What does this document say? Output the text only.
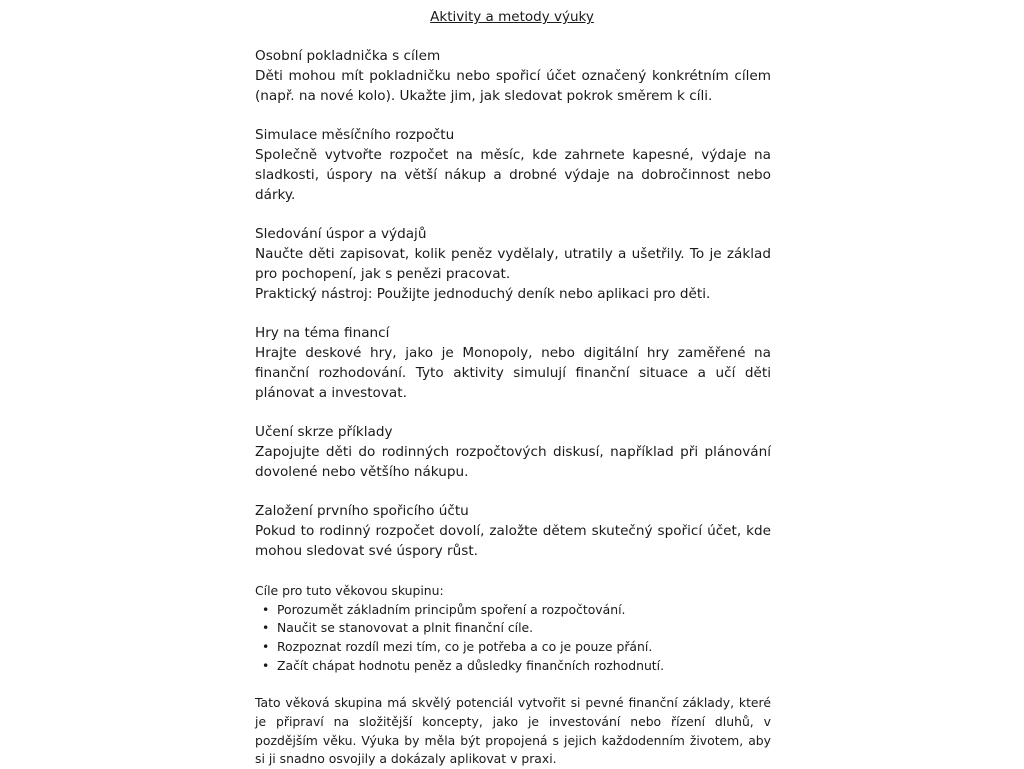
Aktivity a metody výuky
Osobní pokladnička s cílem
Děti mohou mít pokladničku nebo spořicí účet označený konkrétním cílem
(např. na nové kolo). Ukažte jim, jak sledovat pokrok směrem k cíli.
Simulace měsíčního rozpočtu
Společně vytvořte rozpočet na měsíc, kde zahrnete kapesné, výdaje na
sladkosti, úspory na větší nákup a drobné výdaje na dobročinnost nebo
dárky.
Sledování úspor a výdajů
Naučte děti zapisovat, kolik peněz vydělaly, utratily a ušetřily. To je základ
pro pochopení, jak s penězi pracovat.
Praktický nástroj: Použijte jednoduchý deník nebo aplikaci pro děti.
Hry na téma financí
Hrajte deskové hry, jako je Monopoly, nebo digitální hry zaměřené na
finanční rozhodování. Tyto aktivity simulují finanční situace a učí děti
plánovat a investovat.
Učení skrze příklady
Zapojujte děti do rodinných rozpočtových diskusí, například při plánování
dovolené nebo většího nákupu.
Založení prvního spořicího účtu
Pokud to rodinný rozpočet dovolí, založte dětem skutečný spořicí účet, kde
mohou sledovat své úspory růst.
Cíle pro tuto věkovou skupinu:
• Porozumět základním principům spoření a rozpočtování.
• Naučit se stanovovat a plnit finanční cíle.
• Rozpoznat rozdíl mezi tím, co je potřeba a co je pouze přání.
• Začít chápat hodnotu peněz a důsledky finančních rozhodnutí.
Tato věková skupina má skvělý potenciál vytvořit si pevné finanční základy, které
je připraví na složitější koncepty, jako je investování nebo řízení dluhů, v
pozdějším věku. Výuka by měla být propojená s jejich každodenním životem, aby
si ji snadno osvojily a dokázaly aplikovat v praxi.
